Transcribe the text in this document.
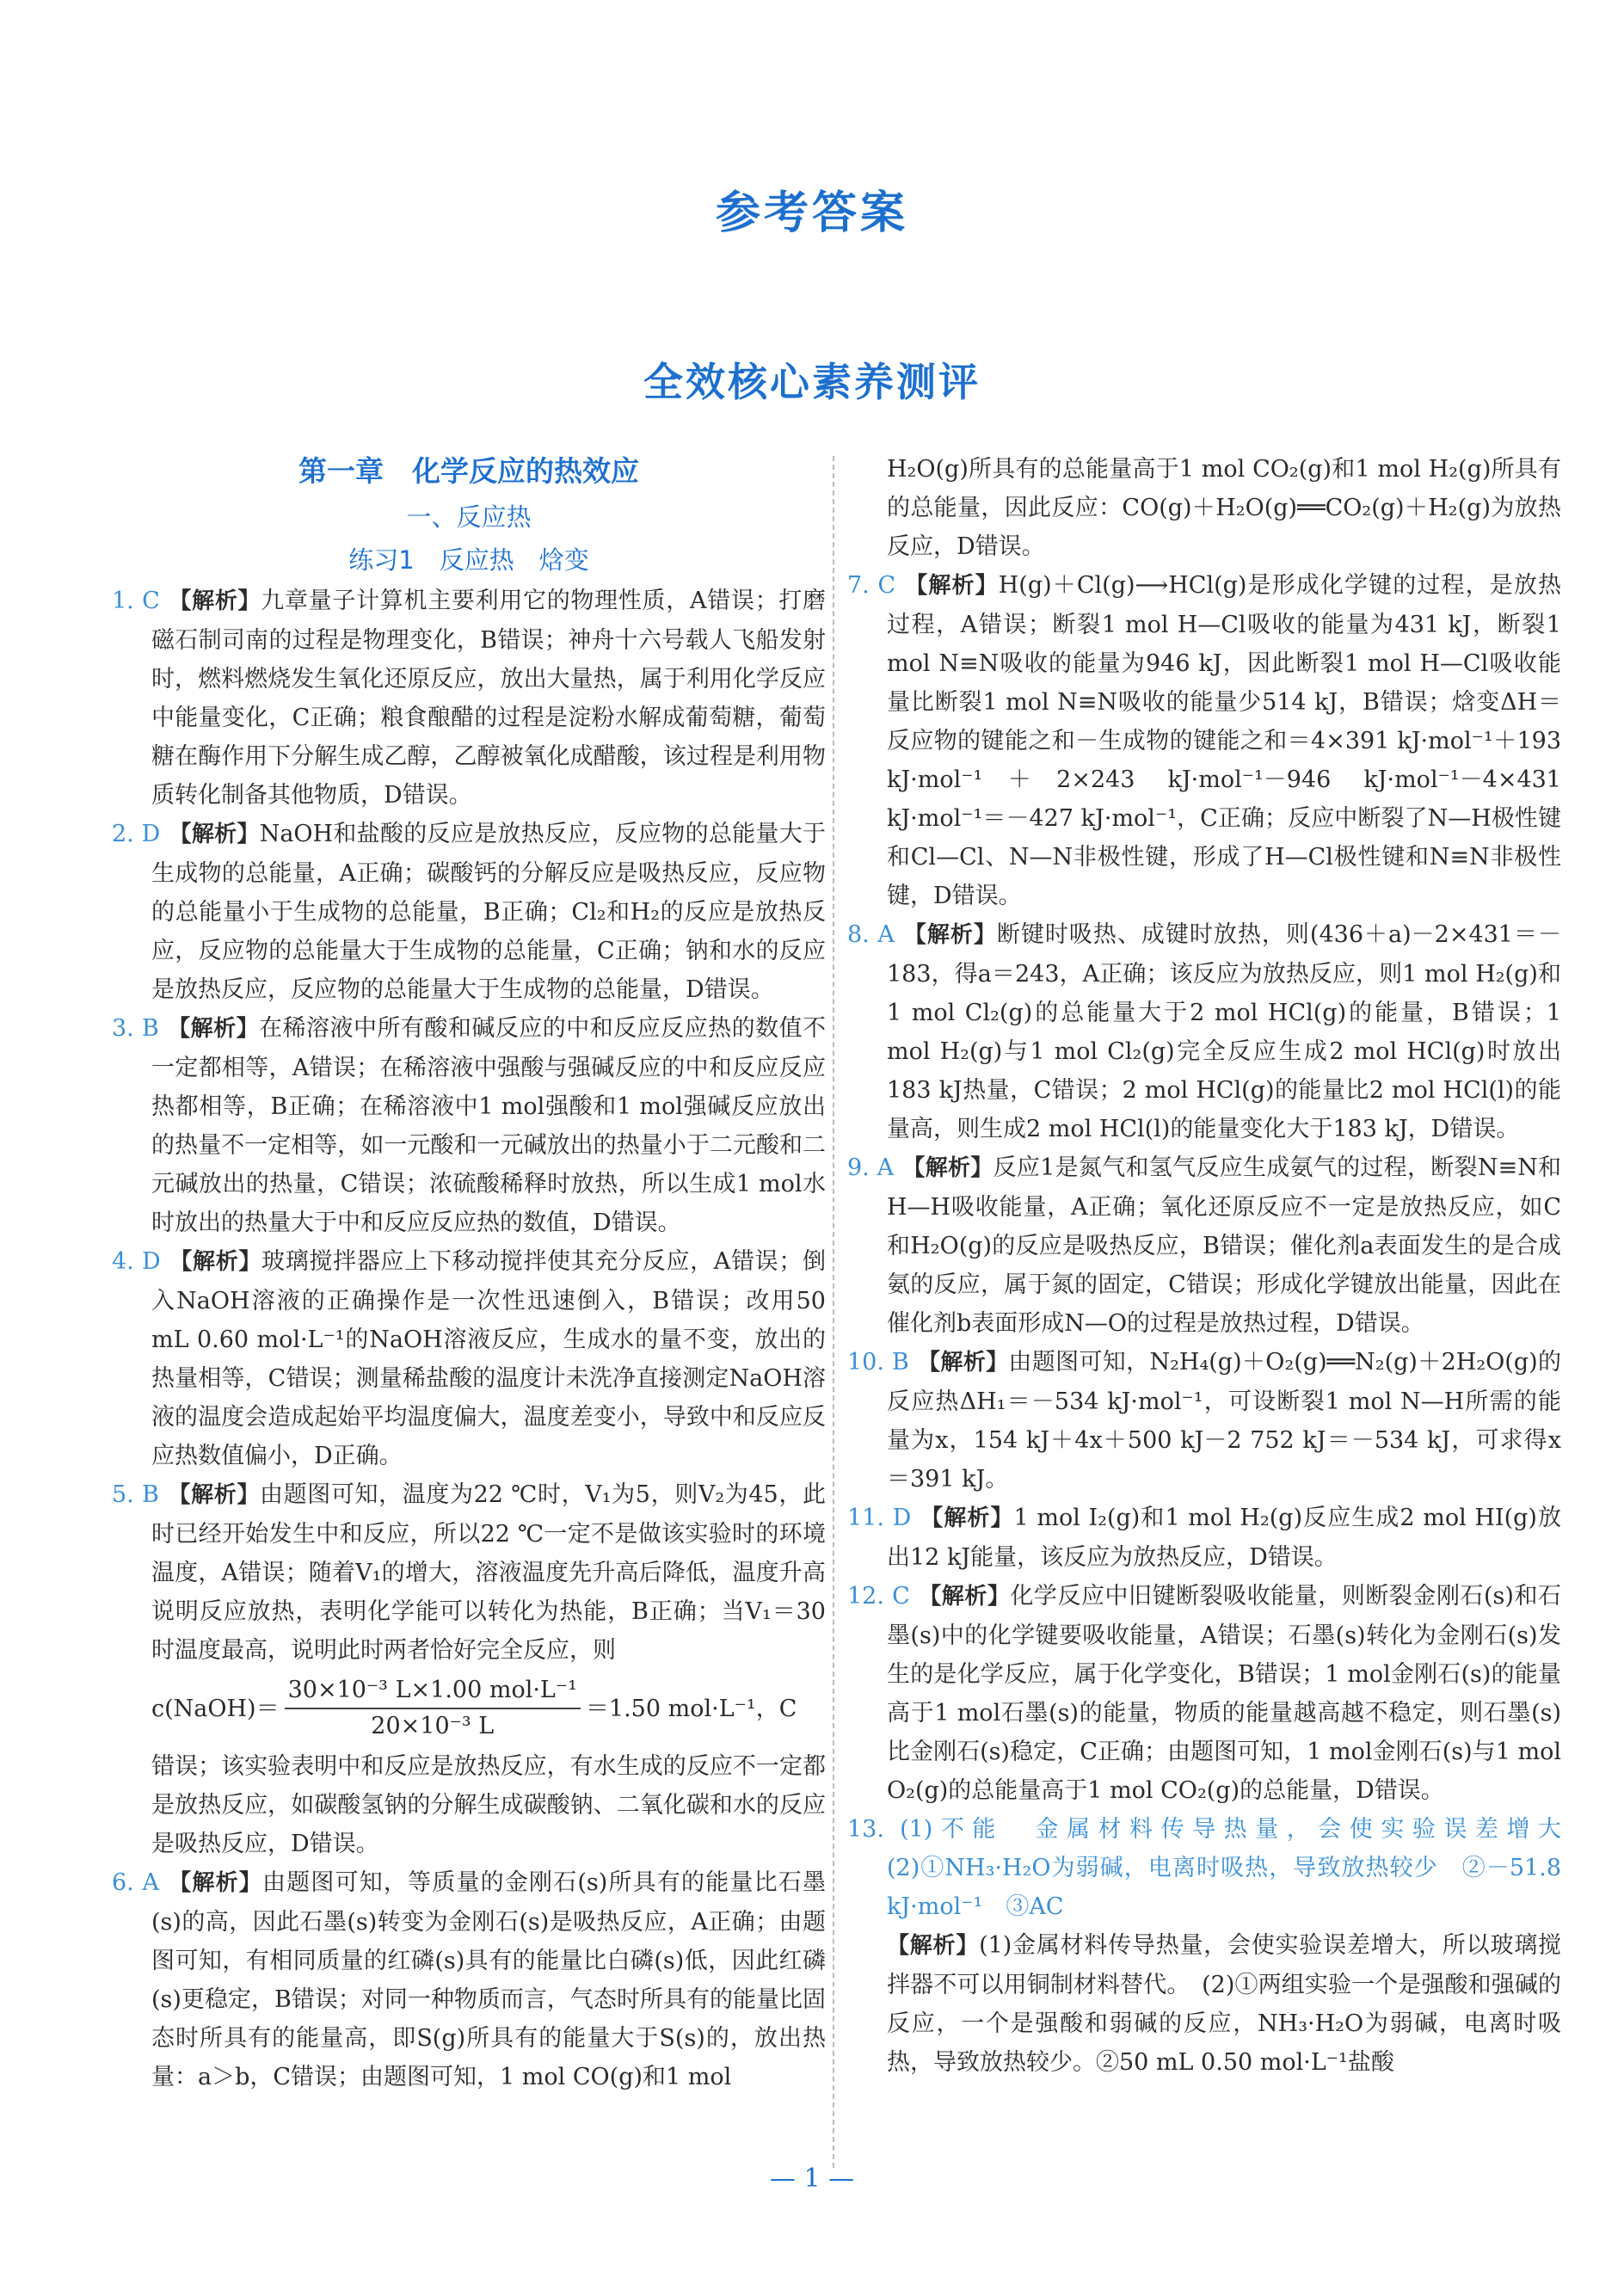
参考答案
全效核心素养测评
第一章　化学反应的热效应
一、反应热
练习1　反应热　焓变

1. C 【解析】九章量子计算机主要利用它的物理性质，A错误；打磨磁石制司南的过程是物理变化，B错误；神舟十六号载人飞船发射时，燃料燃烧发生氧化还原反应，放出大量热，属于利用化学反应中能量变化，C正确；粮食酿醋的过程是淀粉水解成葡萄糖，葡萄糖在酶作用下分解生成乙醇，乙醇被氧化成醋酸，该过程是利用物质转化制备其他物质，D错误。

2. D 【解析】NaOH和盐酸的反应是放热反应，反应物的总能量大于生成物的总能量，A正确；碳酸钙的分解反应是吸热反应，反应物的总能量小于生成物的总能量，B正确；Cl₂和H₂的反应是放热反应，反应物的总能量大于生成物的总能量，C正确；钠和水的反应是放热反应，反应物的总能量大于生成物的总能量，D错误。

3. B 【解析】在稀溶液中所有酸和碱反应的中和反应反应热的数值不一定都相等，A错误；在稀溶液中强酸与强碱反应的中和反应反应热都相等，B正确；在稀溶液中1 mol强酸和1 mol强碱反应放出的热量不一定相等，如一元酸和一元碱放出的热量小于二元酸和二元碱放出的热量，C错误；浓硫酸稀释时放热，所以生成1 mol水时放出的热量大于中和反应反应热的数值，D错误。

4. D 【解析】玻璃搅拌器应上下移动搅拌使其充分反应，A错误；倒入NaOH溶液的正确操作是一次性迅速倒入，B错误；改用50 mL 0.60 mol·L⁻¹的NaOH溶液反应，生成水的量不变，放出的热量相等，C错误；测量稀盐酸的温度计未洗净直接测定NaOH溶液的温度会造成起始平均温度偏大，温度差变小，导致中和反应反应热数值偏小，D正确。

5. B 【解析】由题图可知，温度为22 ℃时，V₁为5，则V₂为45，此时已经开始发生中和反应，所以22 ℃一定不是做该实验时的环境温度，A错误；随着V₁的增大，溶液温度先升高后降低，温度升高说明反应放热，表明化学能可以转化为热能，B正确；当V₁＝30时温度最高，说明此时两者恰好完全反应，则

c(NaOH)＝ $\frac{\text{30×10⁻³ L×1.00 mol·L⁻¹}}{\text{20×10⁻³ L}} =1.50$ mol·L⁻¹，C

错误；该实验表明中和反应是放热反应，有水生成的反应不一定都是放热反应，如碳酸氢钠的分解生成碳酸钠、二氧化碳和水的反应是吸热反应，D错误。

6. A 【解析】由题图可知，等质量的金刚石(s)所具有的能量比石墨(s)的高，因此石墨(s)转变为金刚石(s)是吸热反应，A正确；由题图可知，有相同质量的红磷(s)具有的能量比白磷(s)低，因此红磷(s)更稳定，B错误；对同一种物质而言，气态时所具有的能量比固态时所具有的能量高，即S(g)所具有的能量大于S(s)的，放出热量：a＞b，C错误；由题图可知，1 mol CO(g)和1 mol

H₂O(g)所具有的总能量高于1 mol CO₂(g)和1 mol H₂(g)所具有的总能量，因此反应：CO(g)＋H₂O(g)══CO₂(g)＋H₂(g)为放热反应，D错误。

7. C 【解析】H(g)＋Cl(g)⟶HCl(g)是形成化学键的过程，是放热过程，A错误；断裂1 mol H—Cl吸收的能量为431 kJ，断裂1 mol N≡N吸收的能量为946 kJ，因此断裂1 mol H—Cl吸收能量比断裂1 mol N≡N吸收的能量少514 kJ，B错误；焓变ΔH＝反应物的键能之和－生成物的键能之和＝4×391 kJ·mol⁻¹＋193 kJ·mol⁻¹＋2×243 kJ·mol⁻¹－946 kJ·mol⁻¹－4×431 kJ·mol⁻¹＝－427 kJ·mol⁻¹，C正确；反应中断裂了N—H极性键和Cl—Cl、N—N非极性键，形成了H—Cl极性键和N≡N非极性键，D错误。

8. A 【解析】断键时吸热、成键时放热，则(436＋a)－2×431＝－183，得a＝243，A正确；该反应为放热反应，则1 mol H₂(g)和1 mol Cl₂(g)的总能量大于2 mol HCl(g)的能量，B错误；1 mol H₂(g)与1 mol Cl₂(g)完全反应生成2 mol HCl(g)时放出183 kJ热量，C错误；2 mol HCl(g)的能量比2 mol HCl(l)的能量高，则生成2 mol HCl(l)的能量变化大于183 kJ，D错误。

9. A 【解析】反应1是氮气和氢气反应生成氨气的过程，断裂N≡N和H—H吸收能量，A正确；氧化还原反应不一定是放热反应，如C和H₂O(g)的反应是吸热反应，B错误；催化剂a表面发生的是合成氨的反应，属于氮的固定，C错误；形成化学键放出能量，因此在催化剂b表面形成N—O的过程是放热过程，D错误。

10. B 【解析】由题图可知，N₂H₄(g)＋O₂(g)══N₂(g)＋2H₂O(g)的反应热ΔH₁＝－534 kJ·mol⁻¹，可设断裂1 mol N—H所需的能量为x，154 kJ＋4x＋500 kJ－2 752 kJ＝－534 kJ，可求得x＝391 kJ。

11. D 【解析】1 mol I₂(g)和1 mol H₂(g)反应生成2 mol HI(g)放出12 kJ能量，该反应为放热反应，D错误。

12. C 【解析】化学反应中旧键断裂吸收能量，则断裂金刚石(s)和石墨(s)中的化学键要吸收能量，A错误；石墨(s)转化为金刚石(s)发生的是化学反应，属于化学变化，B错误；1 mol金刚石(s)的能量高于1 mol石墨(s)的能量，物质的能量越高越不稳定，则石墨(s)比金刚石(s)稳定，C正确；由题图可知，1 mol金刚石(s)与1 mol O₂(g)的总能量高于1 mol CO₂(g)的总能量，D错误。

13. (1)不能　金属材料传导热量，会使实验误差增大　(2)①NH₃·H₂O为弱碱，电离时吸热，导致放热较少　②－51.8 kJ·mol⁻¹　③AC

【解析】(1)金属材料传导热量，会使实验误差增大，所以玻璃搅拌器不可以用铜制材料替代。　(2)①两组实验一个是强酸和强碱的反应，一个是强酸和弱碱的反应，NH₃·H₂O为弱碱，电离时吸热，导致放热较少。②50 mL 0.50 mol·L⁻¹盐酸

— 1 —
